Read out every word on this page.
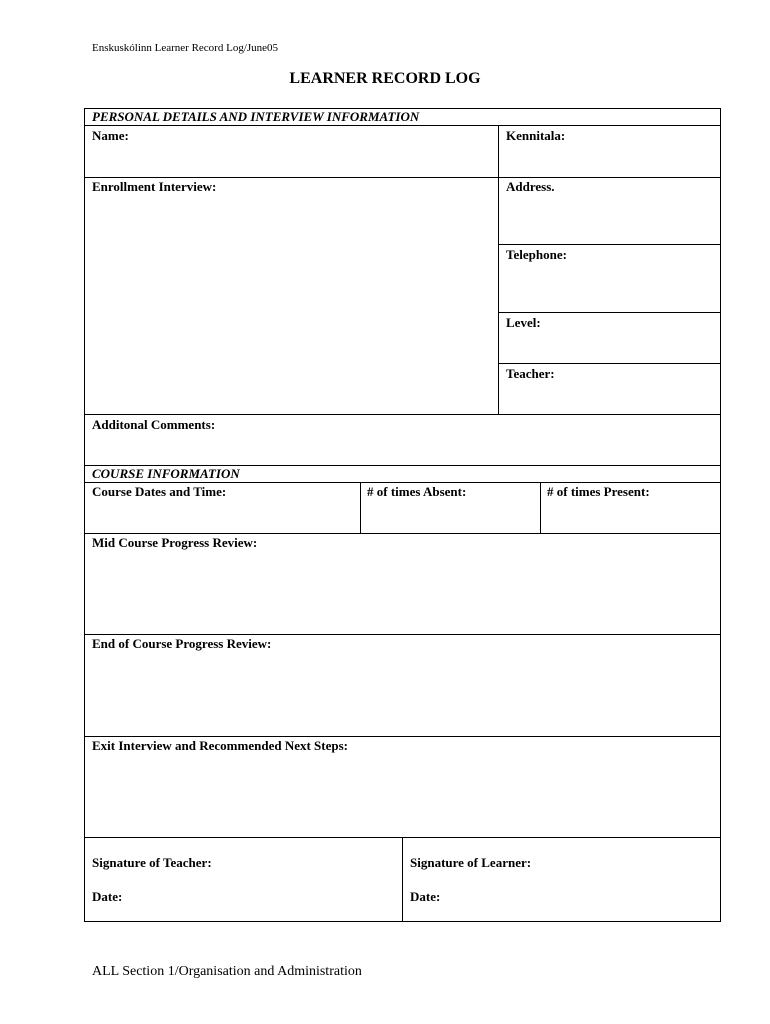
Enskuskólinn Learner Record Log/June05
LEARNER RECORD LOG
PERSONAL DETAILS AND INTERVIEW INFORMATION
Name:	Kennitala:
Enrollment Interview:	Address.
Telephone:
Level:
Teacher:
Additonal Comments:
COURSE INFORMATION
Course Dates and Time:	# of times Absent:	# of times Present:
Mid Course Progress Review:
End of Course Progress Review:
Exit Interview and Recommended Next Steps:
Signature of Teacher:	Signature of Learner:
Date:	Date:
ALL Section 1/Organisation and Administration
